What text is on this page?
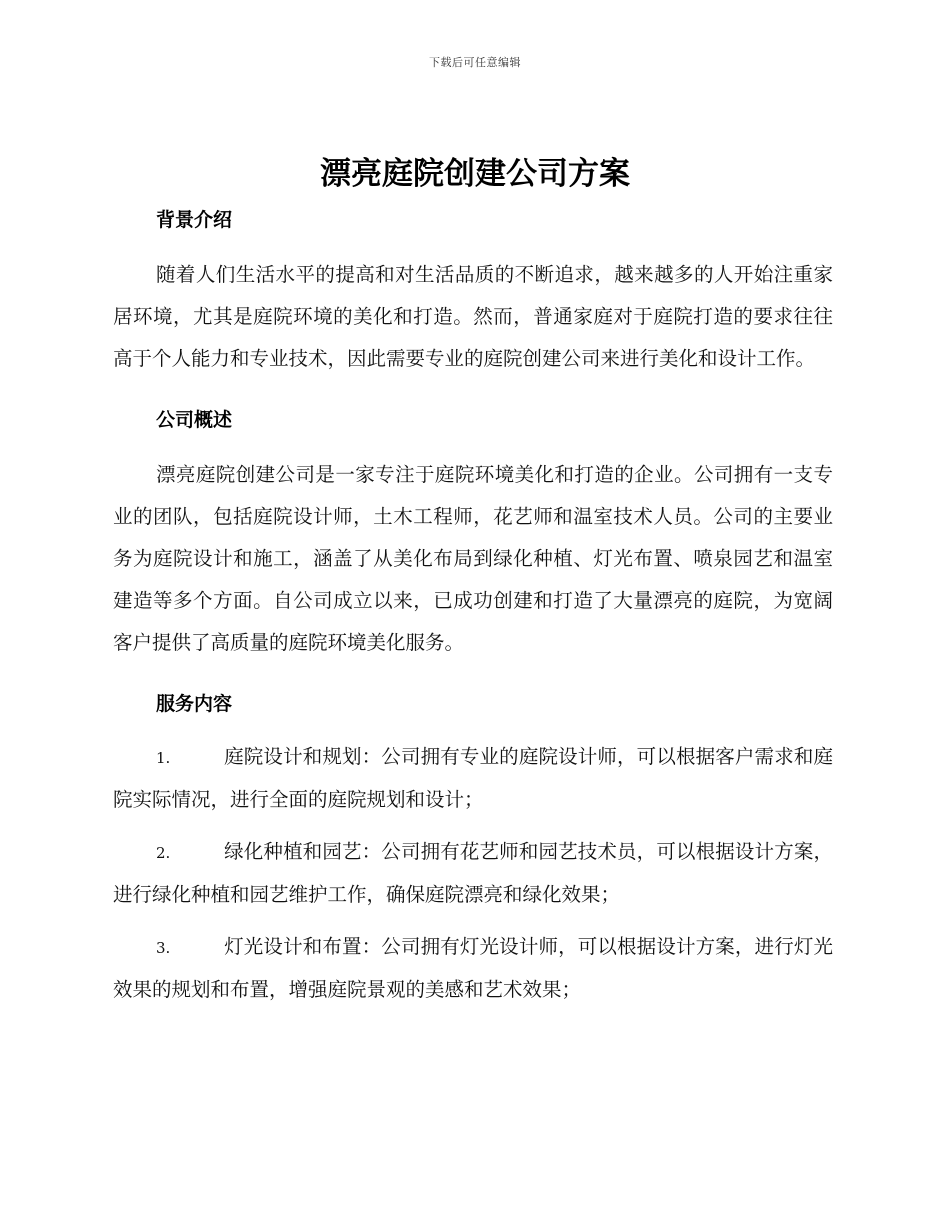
下载后可任意编辑
漂亮庭院创建公司方案
背景介绍

随着人们生活水平的提高和对生活品质的不断追求，越来越多的人开始注重家居环境，尤其是庭院环境的美化和打造。然而，普通家庭对于庭院打造的要求往往高于个人能力和专业技术，因此需要专业的庭院创建公司来进行美化和设计工作。

公司概述

漂亮庭院创建公司是一家专注于庭院环境美化和打造的企业。公司拥有一支专业的团队，包括庭院设计师，土木工程师，花艺师和温室技术人员。公司的主要业务为庭院设计和施工，涵盖了从美化布局到绿化种植、灯光布置、喷泉园艺和温室建造等多个方面。自公司成立以来，已成功创建和打造了大量漂亮的庭院，为宽阔客户提供了高质量的庭院环境美化服务。

服务内容

1.	庭院设计和规划：公司拥有专业的庭院设计师，可以根据客户需求和庭院实际情况，进行全面的庭院规划和设计；

2.	绿化种植和园艺：公司拥有花艺师和园艺技术员，可以根据设计方案，进行绿化种植和园艺维护工作，确保庭院漂亮和绿化效果；

3.	灯光设计和布置：公司拥有灯光设计师，可以根据设计方案，进行灯光效果的规划和布置，增强庭院景观的美感和艺术效果；
